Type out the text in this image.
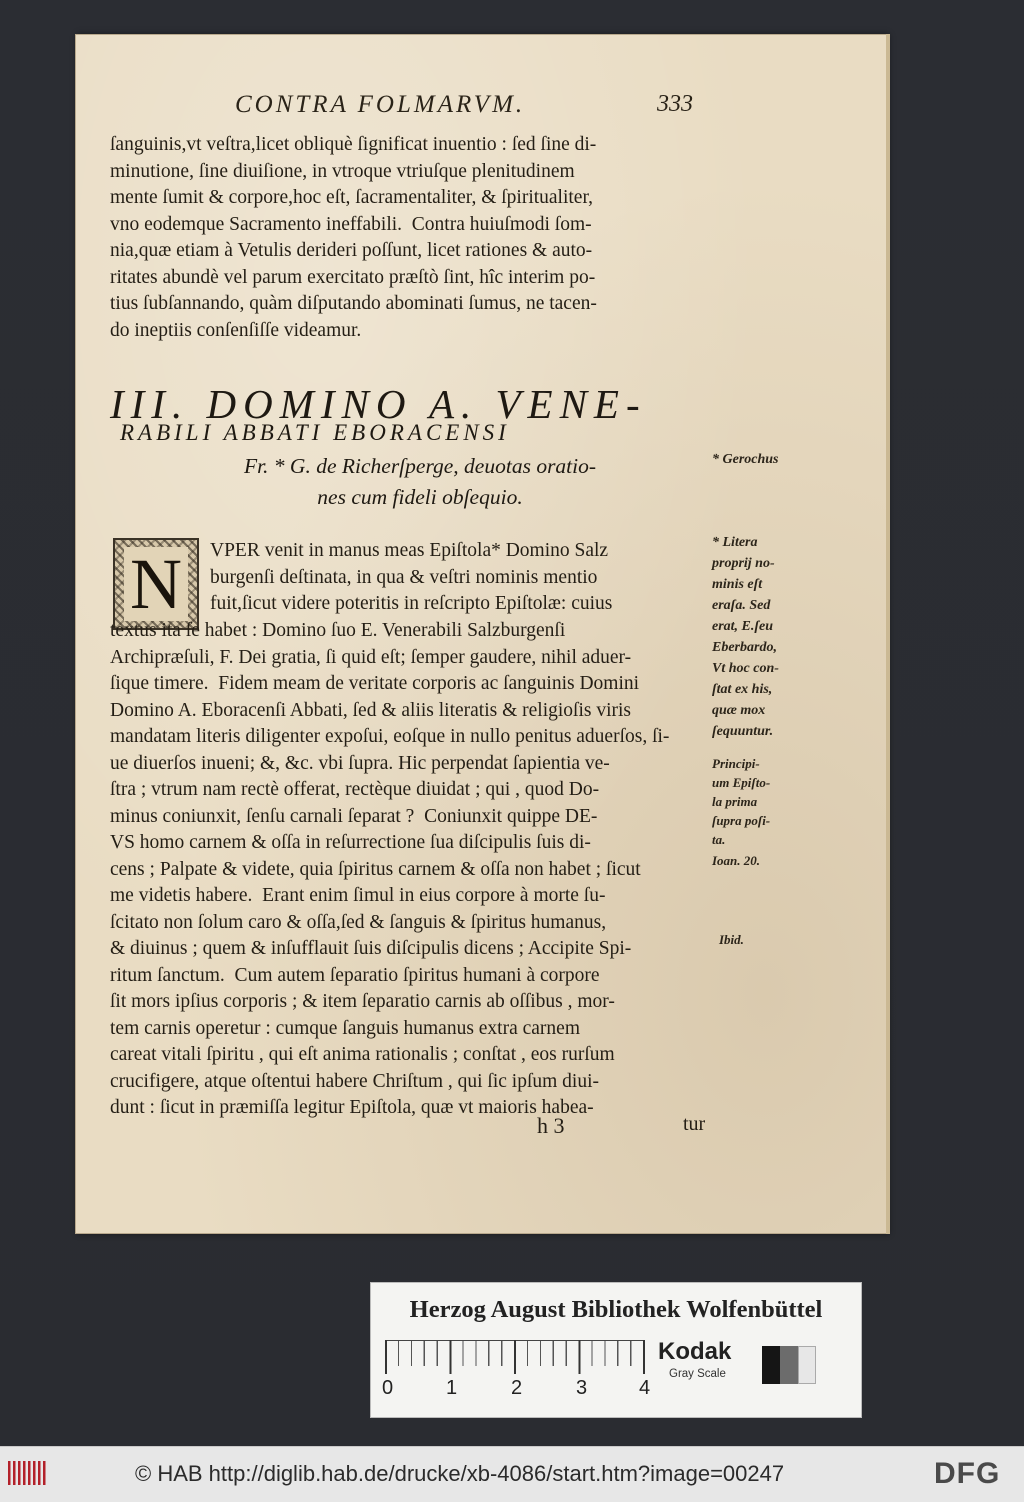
CONTRA FOLMARVM.	333

ſanguinis,vt veſtra,licet obliquè ſignificat inuentio : ſed ſine di-
minutione, ſine diuiſione, in vtroque vtriuſque plenitudinem
mente ſumit & corpore,hoc eſt, ſacramentaliter, & ſpiritualiter,
vno eodemque Sacramento ineffabili.  Contra huiuſmodi ſom-
nia,quæ etiam à Vetulis derideri poſſunt, licet rationes & auto-
ritates abundè vel parum exercitato præſtò ſint, hîc interim po-
tius ſubſannando, quàm diſputando abominati ſumus, ne tacen-
do ineptiis conſenſiſſe videamur.

III. DOMINO A. VENE-
RABILI ABBATI EBORACENSI
Fr. * G. de Richerſperge, deuotas oratio-
nes cum fideli obſequio.
N	VPER venit in manus meas Epiſtola* Domino Salz
burgenſi deſtinata, in qua & veſtri nominis mentio
fuit,ſicut videre poteritis in reſcripto Epiſtolæ: cuius

textus ita ſe habet : Domino ſuo E. Venerabili Salzburgenſi
Archipræſuli, F. Dei gratia, ſi quid eſt; ſemper gaudere, nihil aduer-
ſique timere.  Fidem meam de veritate corporis ac ſanguinis Domini
Domino A. Eboracenſi Abbati, ſed & aliis literatis & religioſis viris
mandatam literis diligenter expoſui, eoſque in nullo penitus aduerſos, ſi-
ue diuerſos inueni; &, &c. vbi ſupra. Hic perpendat ſapientia ve-
ſtra ; vtrum nam rectè offerat, rectèque diuidat ; qui , quod Do-
minus coniunxit, ſenſu carnali ſeparat ?  Coniunxit quippe DE-
VS homo carnem & oſſa in reſurrectione ſua diſcipulis ſuis di-
cens ; Palpate & videte, quia ſpiritus carnem & oſſa non habet ; ſicut
me videtis habere.  Erant enim ſimul in eius corpore à morte ſu-
ſcitato non ſolum caro & oſſa,ſed & ſanguis & ſpiritus humanus,
& diuinus ; quem & inſufflauit ſuis diſcipulis dicens ; Accipite Spi-
ritum ſanctum.  Cum autem ſeparatio ſpiritus humani à corpore
ſit mors ipſius corporis ; & item ſeparatio carnis ab oſſibus , mor-
tem carnis operetur : cumque ſanguis humanus extra carnem
careat vitali ſpiritu , qui eſt anima rationalis ; conſtat , eos rurſum
crucifigere, atque oſtentui habere Chriſtum , qui ſic ipſum diui-
dunt : ſicut in præmiſſa legitur Epiſtola, quæ vt maioris habea-

* Gerochus

* Litera
proprij no-
minis eſt
eraſa. Sed
erat, E.ſeu
Eberbardo,
Vt hoc con-
ſtat ex his,
quæ mox
ſequuntur.

Principi-
um Epiſto-
la prima
ſupra poſi-
ta.

Ioan. 20.

Ibid.

h 3	tur
Herzog August Bibliothek Wolfenbüttel
0	1	2	3	4
Kodak
Gray Scale
© HAB http://diglib.hab.de/drucke/xb-4086/start.htm?image=00247	DFG
